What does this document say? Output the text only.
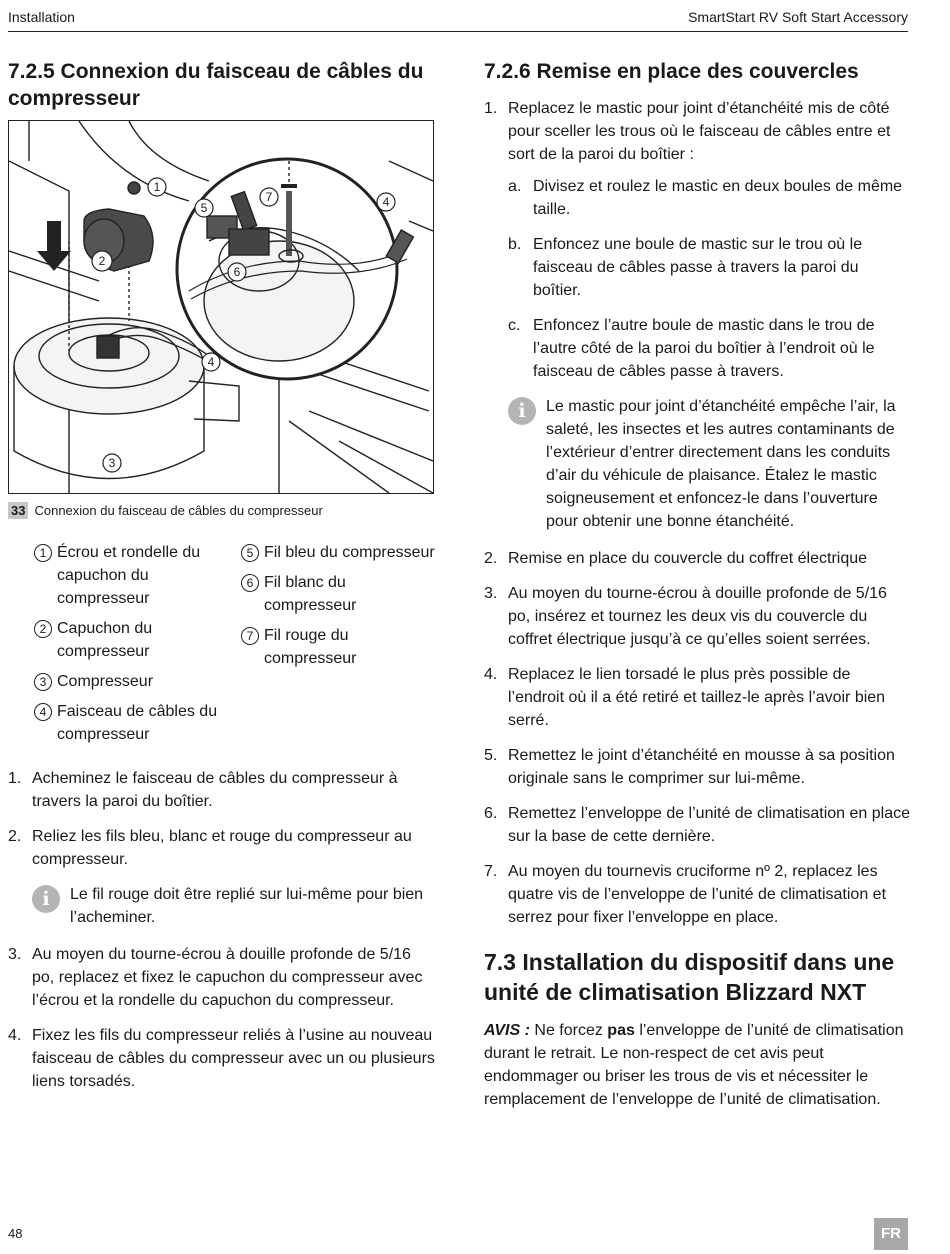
Installation	SmartStart RV Soft Start Accessory
7.2.5 Connexion du faisceau de câbles du compresseur
1
2
3
4
4
5
6
7
33 Connexion du faisceau de câbles du compresseur
1 Écrou et rondelle du capuchon du compresseur
2 Capuchon du compresseur
3 Compresseur
4 Faisceau de câbles du compresseur
5 Fil bleu du compresseur
6 Fil blanc du compresseur
7 Fil rouge du compresseur
1. Acheminez le faisceau de câbles du compresseur à travers la paroi du boîtier.
2. Reliez les fils bleu, blanc et rouge du compresseur au compresseur.
i	Le fil rouge doit être replié sur lui-même pour bien l’acheminer.
3. Au moyen du tourne-écrou à douille profonde de 5/16 po, replacez et fixez le capuchon du compresseur avec l’écrou et la rondelle du capuchon du compresseur.
4. Fixez les fils du compresseur reliés à l’usine au nouveau faisceau de câbles du compresseur avec un ou plusieurs liens torsadés.
7.2.6 Remise en place des couvercles
1. Replacez le mastic pour joint d’étanchéité mis de côté pour sceller les trous où le faisceau de câbles entre et sort de la paroi du boîtier :
a. Divisez et roulez le mastic en deux boules de même taille.
b. Enfoncez une boule de mastic sur le trou où le faisceau de câbles passe à travers la paroi du boîtier.
c. Enfoncez l’autre boule de mastic dans le trou de l’autre côté de la paroi du boîtier à l’endroit où le faisceau de câbles passe à travers.
i	Le mastic pour joint d’étanchéité empêche l’air, la saleté, les insectes et les autres contaminants de l’extérieur d’entrer directement dans les conduits d’air du véhicule de plaisance. Étalez le mastic soigneusement et enfoncez-le dans l’ouverture pour obtenir une bonne étanchéité.
2. Remise en place du couvercle du coffret électrique
3. Au moyen du tourne-écrou à douille profonde de 5/16 po, insérez et tournez les deux vis du couvercle du coffret électrique jusqu’à ce qu’elles soient serrées.
4. Replacez le lien torsadé le plus près possible de l’endroit où il a été retiré et taillez-le après l’avoir bien serré.
5. Remettez le joint d’étanchéité en mousse à sa position originale sans le comprimer sur lui-même.
6. Remettez l’enveloppe de l’unité de climatisation en place sur la base de cette dernière.
7. Au moyen du tournevis cruciforme nº 2, replacez les quatre vis de l’enveloppe de l’unité de climatisation et serrez pour fixer l’enveloppe en place.
7.3 Installation du dispositif dans une unité de climatisation Blizzard NXT

AVIS : Ne forcez pas l’enveloppe de l’unité de climatisation durant le retrait. Le non-respect de cet avis peut endommager ou briser les trous de vis et nécessiter le remplacement de l’enveloppe de l’unité de climatisation.

48	FR
